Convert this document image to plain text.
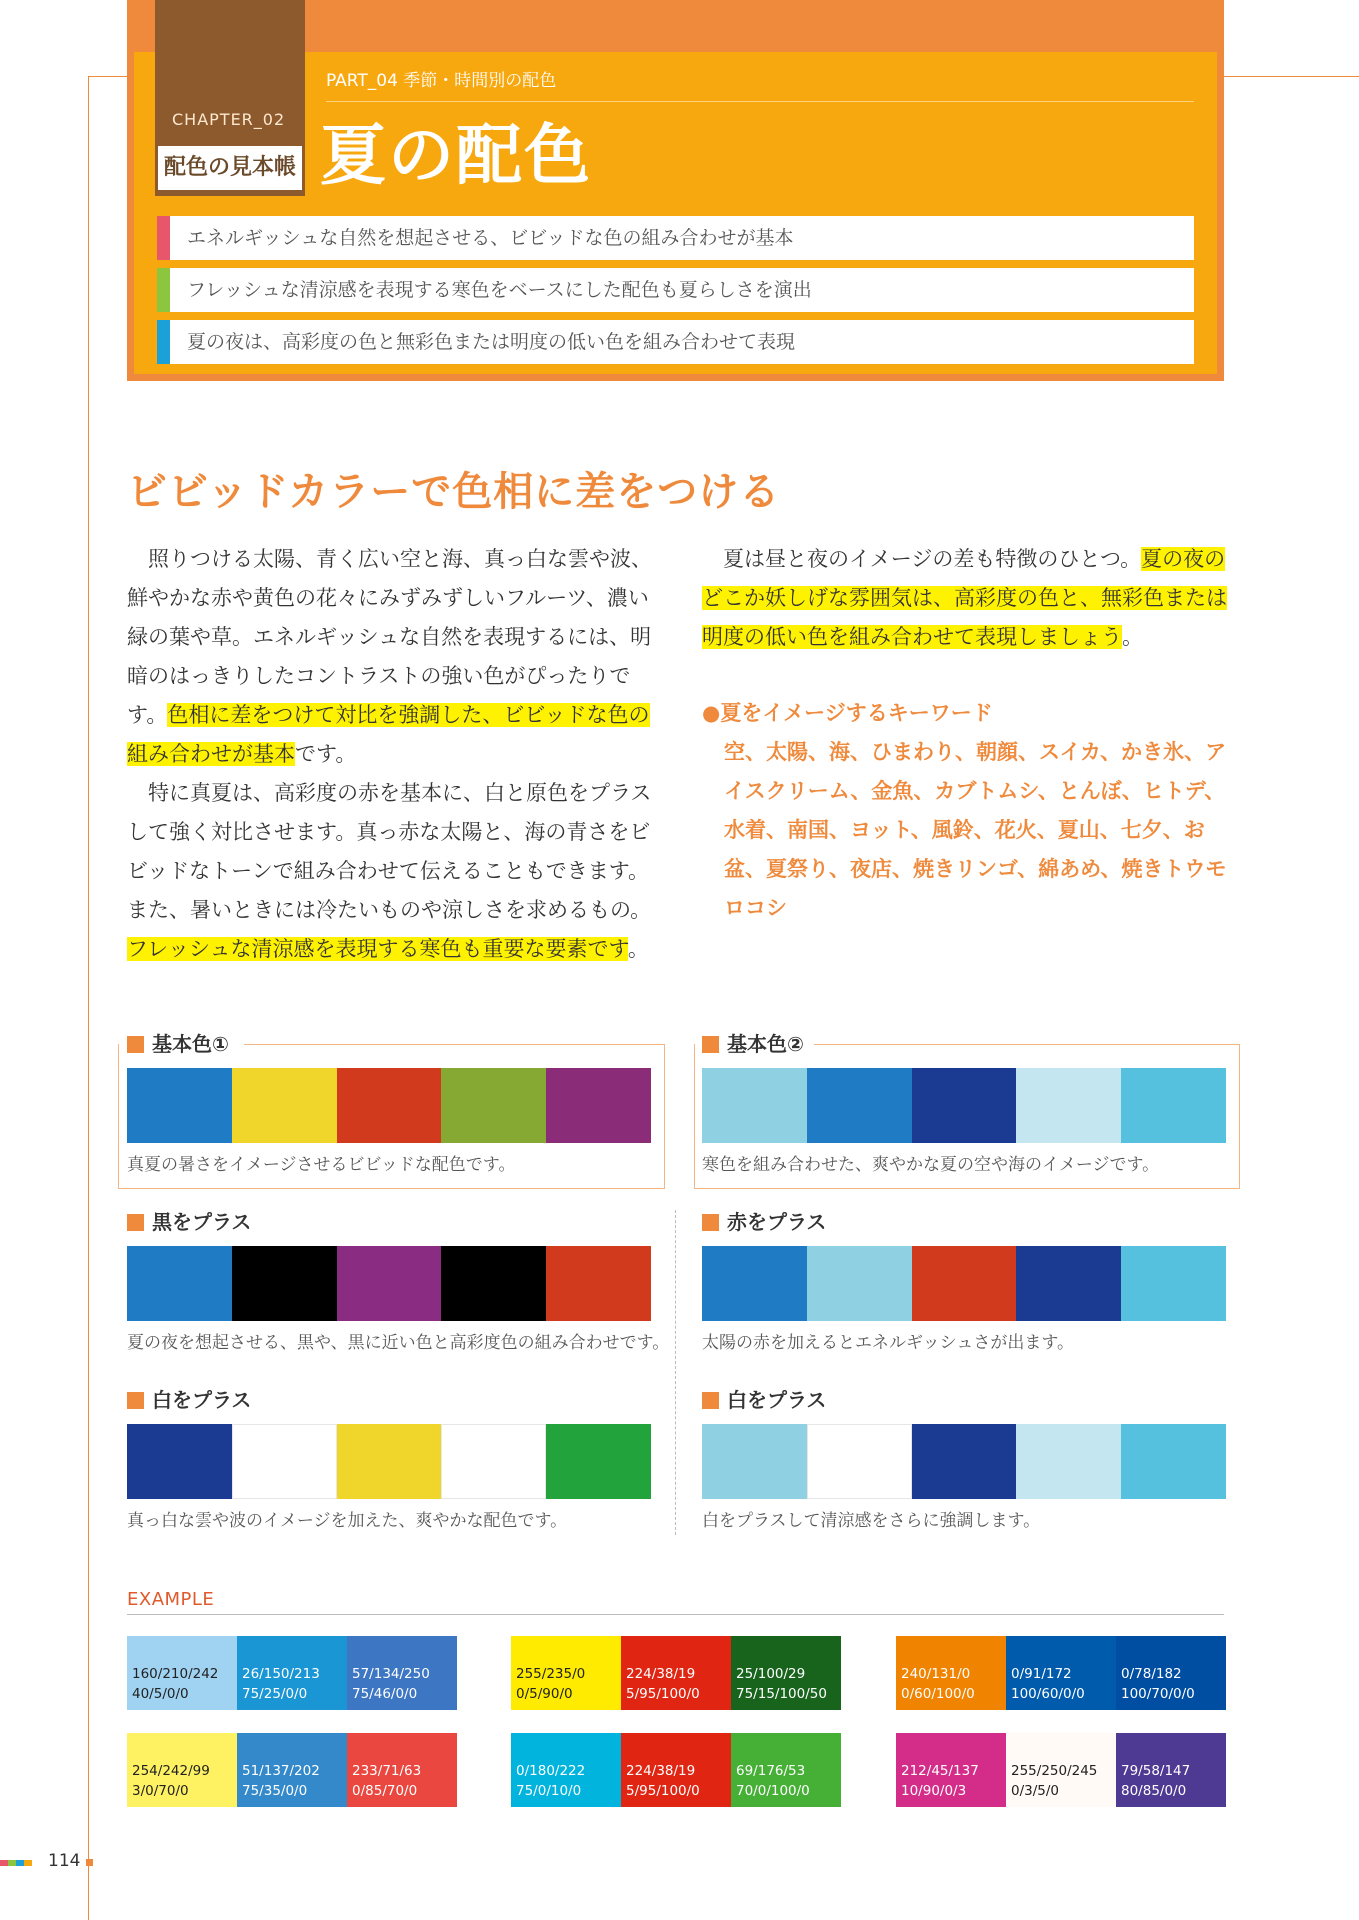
CHAPTER_02
配色の見本帳
PART_04 季節・時間別の配色
夏の配色
エネルギッシュな自然を想起させる、ビビッドな色の組み合わせが基本
フレッシュな清涼感を表現する寒色をベースにした配色も夏らしさを演出
夏の夜は、高彩度の色と無彩色または明度の低い色を組み合わせて表現
ビビッドカラーで色相に差をつける

照りつける太陽、青く広い空と海、真っ白な雲や波、鮮やかな赤や黄色の花々にみずみずしいフルーツ、濃い緑の葉や草。エネルギッシュな自然を表現するには、明暗のはっきりしたコントラストの強い色がぴったりです。色相に差をつけて対比を強調した、ビビッドな色の組み合わせが基本です。

特に真夏は、高彩度の赤を基本に、白と原色をプラスして強く対比させます。真っ赤な太陽と、海の青さをビビッドなトーンで組み合わせて伝えることもできます。また、暑いときには冷たいものや涼しさを求めるもの。フレッシュな清涼感を表現する寒色も重要な要素です。

夏は昼と夜のイメージの差も特徴のひとつ。夏の夜のどこか妖しげな雰囲気は、高彩度の色と、無彩色または明度の低い色を組み合わせて表現しましょう。

●夏をイメージするキーワード
空、太陽、海、ひまわり、朝顔、スイカ、かき氷、アイスクリーム、金魚、カブトムシ、とんぼ、ヒトデ、水着、南国、ヨット、風鈴、花火、夏山、七夕、お盆、夏祭り、夜店、焼きリンゴ、綿あめ、焼きトウモロコシ
基本色①
真夏の暑さをイメージさせるビビッドな配色です。
基本色②
寒色を組み合わせた、爽やかな夏の空や海のイメージです。
黒をプラス
夏の夜を想起させる、黒や、黒に近い色と高彩度色の組み合わせです。
赤をプラス
太陽の赤を加えるとエネルギッシュさが出ます。
白をプラス
真っ白な雲や波のイメージを加えた、爽やかな配色です。
白をプラス
白をプラスして清涼感をさらに強調します。
EXAMPLE
160/210/242
40/5/0/0
26/150/213
75/25/0/0
57/134/250
75/46/0/0
254/242/99
3/0/70/0
51/137/202
75/35/0/0
233/71/63
0/85/70/0
255/235/0
0/5/90/0
224/38/19
5/95/100/0
25/100/29
75/15/100/50
0/180/222
75/0/10/0
224/38/19
5/95/100/0
69/176/53
70/0/100/0
240/131/0
0/60/100/0
0/91/172
100/60/0/0
0/78/182
100/70/0/0
212/45/137
10/90/0/3
255/250/245
0/3/5/0
79/58/147
80/85/0/0
114
